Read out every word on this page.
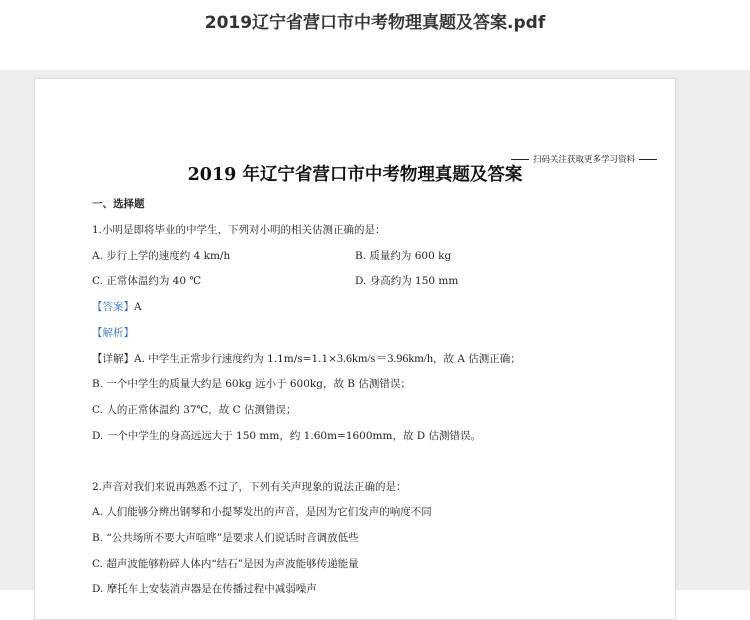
2019辽宁省营口市中考物理真题及答案.pdf
扫码关注获取更多学习资料
2019 年辽宁省营口市中考物理真题及答案
一、选择题
1.小明是即将毕业的中学生，下列对小明的相关估测正确的是：
A. 步行上学的速度约 4 km/h	B. 质量约为 600 kg
C. 正常体温约为 40 ℃	D. 身高约为 150 mm
【答案】A
【解析】
【详解】A. 中学生正常步行速度约为 1.1m/s=1.1×3.6km/s＝3.96km/h，故 A 估测正确；
B. 一个中学生的质量大约是 60kg 远小于 600kg，故 B 估测错误；
C. 人的正常体温约 37℃，故 C 估测错误；
D. 一个中学生的身高远远大于 150 mm，约 1.60m=1600mm，故 D 估测错误。
2.声音对我们来说再熟悉不过了，下列有关声现象的说法正确的是：
A. 人们能够分辨出钢琴和小提琴发出的声音，是因为它们发声的响度不同
B. “公共场所不要大声喧哗”是要求人们说话时音调放低些
C. 超声波能够粉碎人体内“结石”是因为声波能够传递能量
D. 摩托车上安装消声器是在传播过程中减弱噪声
